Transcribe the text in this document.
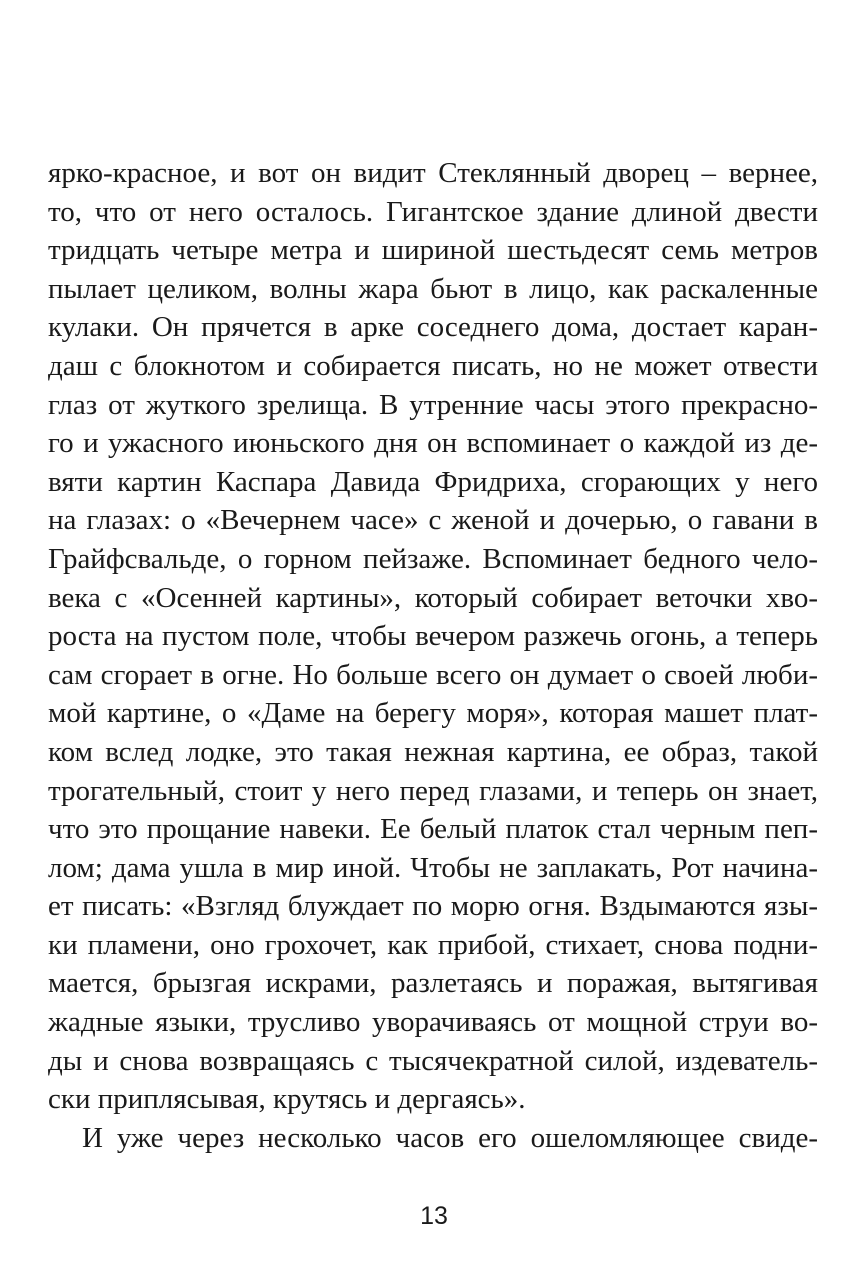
ярко-красное, и вот он видит Стеклянный дворец – вернее,
то, что от него осталось. Гигантское здание длиной двести
тридцать четыре метра и шириной шестьдесят семь метров
пылает целиком, волны жара бьют в лицо, как раскаленные
кулаки. Он прячется в арке соседнего дома, достает каран-
даш с блокнотом и собирается писать, но не может отвести
глаз от жуткого зрелища. В утренние часы этого прекрасно-
го и ужасного июньского дня он вспоминает о каждой из де-
вяти картин Каспара Давида Фридриха, сгорающих у него
на глазах: о «Вечернем часе» с женой и дочерью, о гавани в
Грайфсвальде, о горном пейзаже. Вспоминает бедного чело-
века с «Осенней картины», который собирает веточки хво-
роста на пустом поле, чтобы вечером разжечь огонь, а теперь
сам сгорает в огне. Но больше всего он думает о своей люби-
мой картине, о «Даме на берегу моря», которая машет плат-
ком вслед лодке, это такая нежная картина, ее образ, такой
трогательный, стоит у него перед глазами, и теперь он знает,
что это прощание навеки. Ее белый платок стал черным пеп-
лом; дама ушла в мир иной. Чтобы не заплакать, Рот начина-
ет писать: «Взгляд блуждает по морю огня. Вздымаются язы-
ки пламени, оно грохочет, как прибой, стихает, снова подни-
мается, брызгая искрами, разлетаясь и поражая, вытягивая
жадные языки, трусливо уворачиваясь от мощной струи во-
ды и снова возвращаясь с тысячекратной силой, издеватель-
ски приплясывая, крутясь и дергаясь».
И уже через несколько часов его ошеломляющее свиде-
13
